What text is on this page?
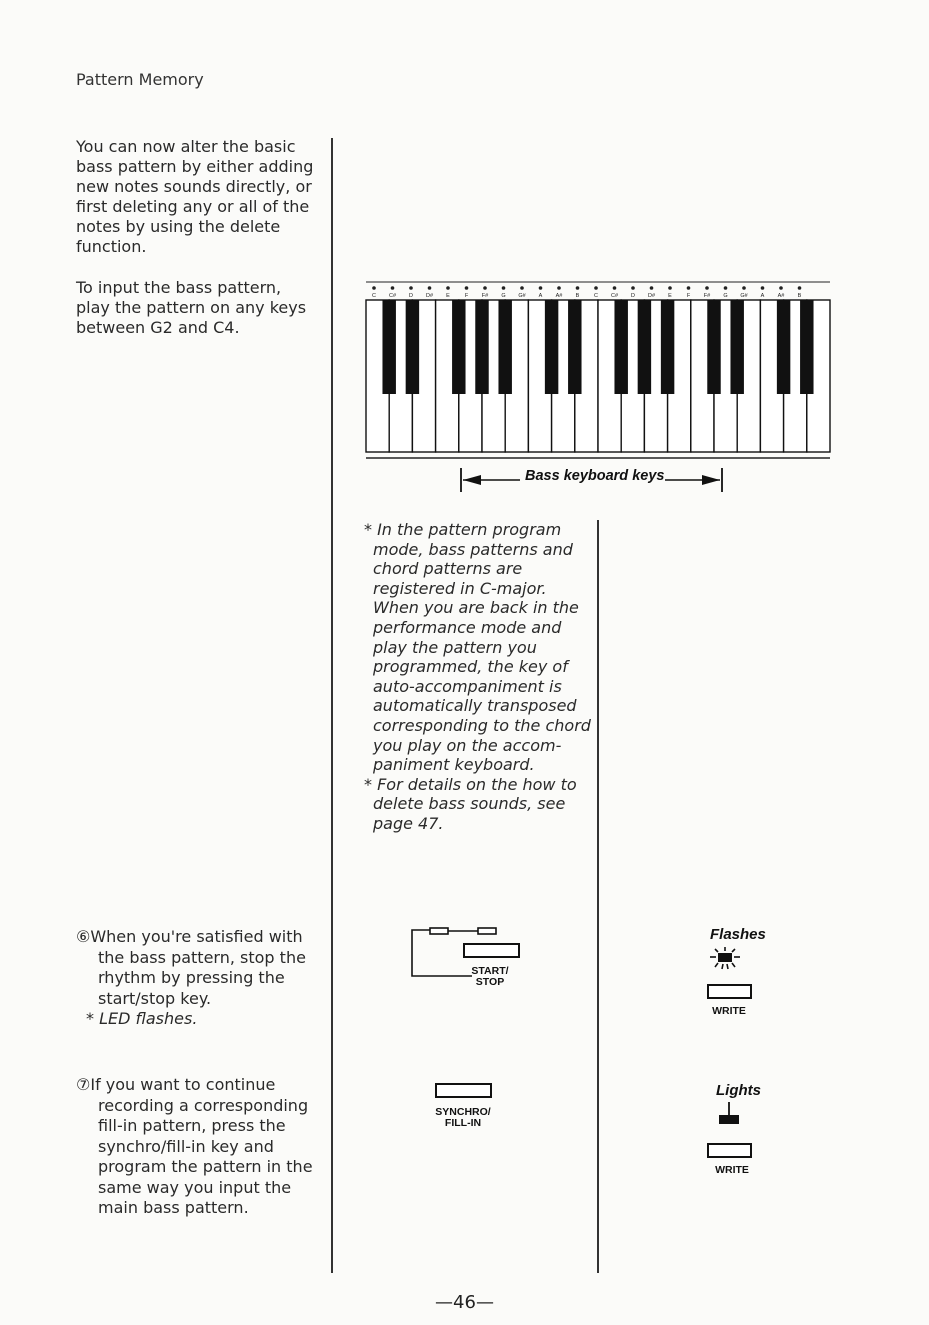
Pattern Memory
You can now alter the basic
bass pattern by either adding
new notes sounds directly, or
first deleting any or all of the
notes by using the delete
function.
To input the bass pattern,
play the pattern on any keys
between G2 and C4.
C C# D D# E	F F# G G# A A# B	C C# D D# E	F F# G G# A A# B
Bass keyboard keys
* In the pattern program
mode, bass patterns and
chord patterns are
registered in C-major.
When you are back in the
performance mode and
play the pattern you
programmed, the key of
auto-accompaniment is
automatically transposed
corresponding to the chord
you play on the accom-
paniment keyboard.
* For details on the how to
delete bass sounds, see
page 47.
⑥When you're satisfied with
the bass pattern, stop the
rhythm by pressing the
start/stop key.
* LED flashes.
⑦If you want to continue
recording a corresponding
fill-in pattern, press the
synchro/fill-in key and
program the pattern in the
same way you input the
main bass pattern.
START/ STOP
SYNCHRO/ FILL-IN
Flashes
WRITE
Lights
WRITE
—46—
